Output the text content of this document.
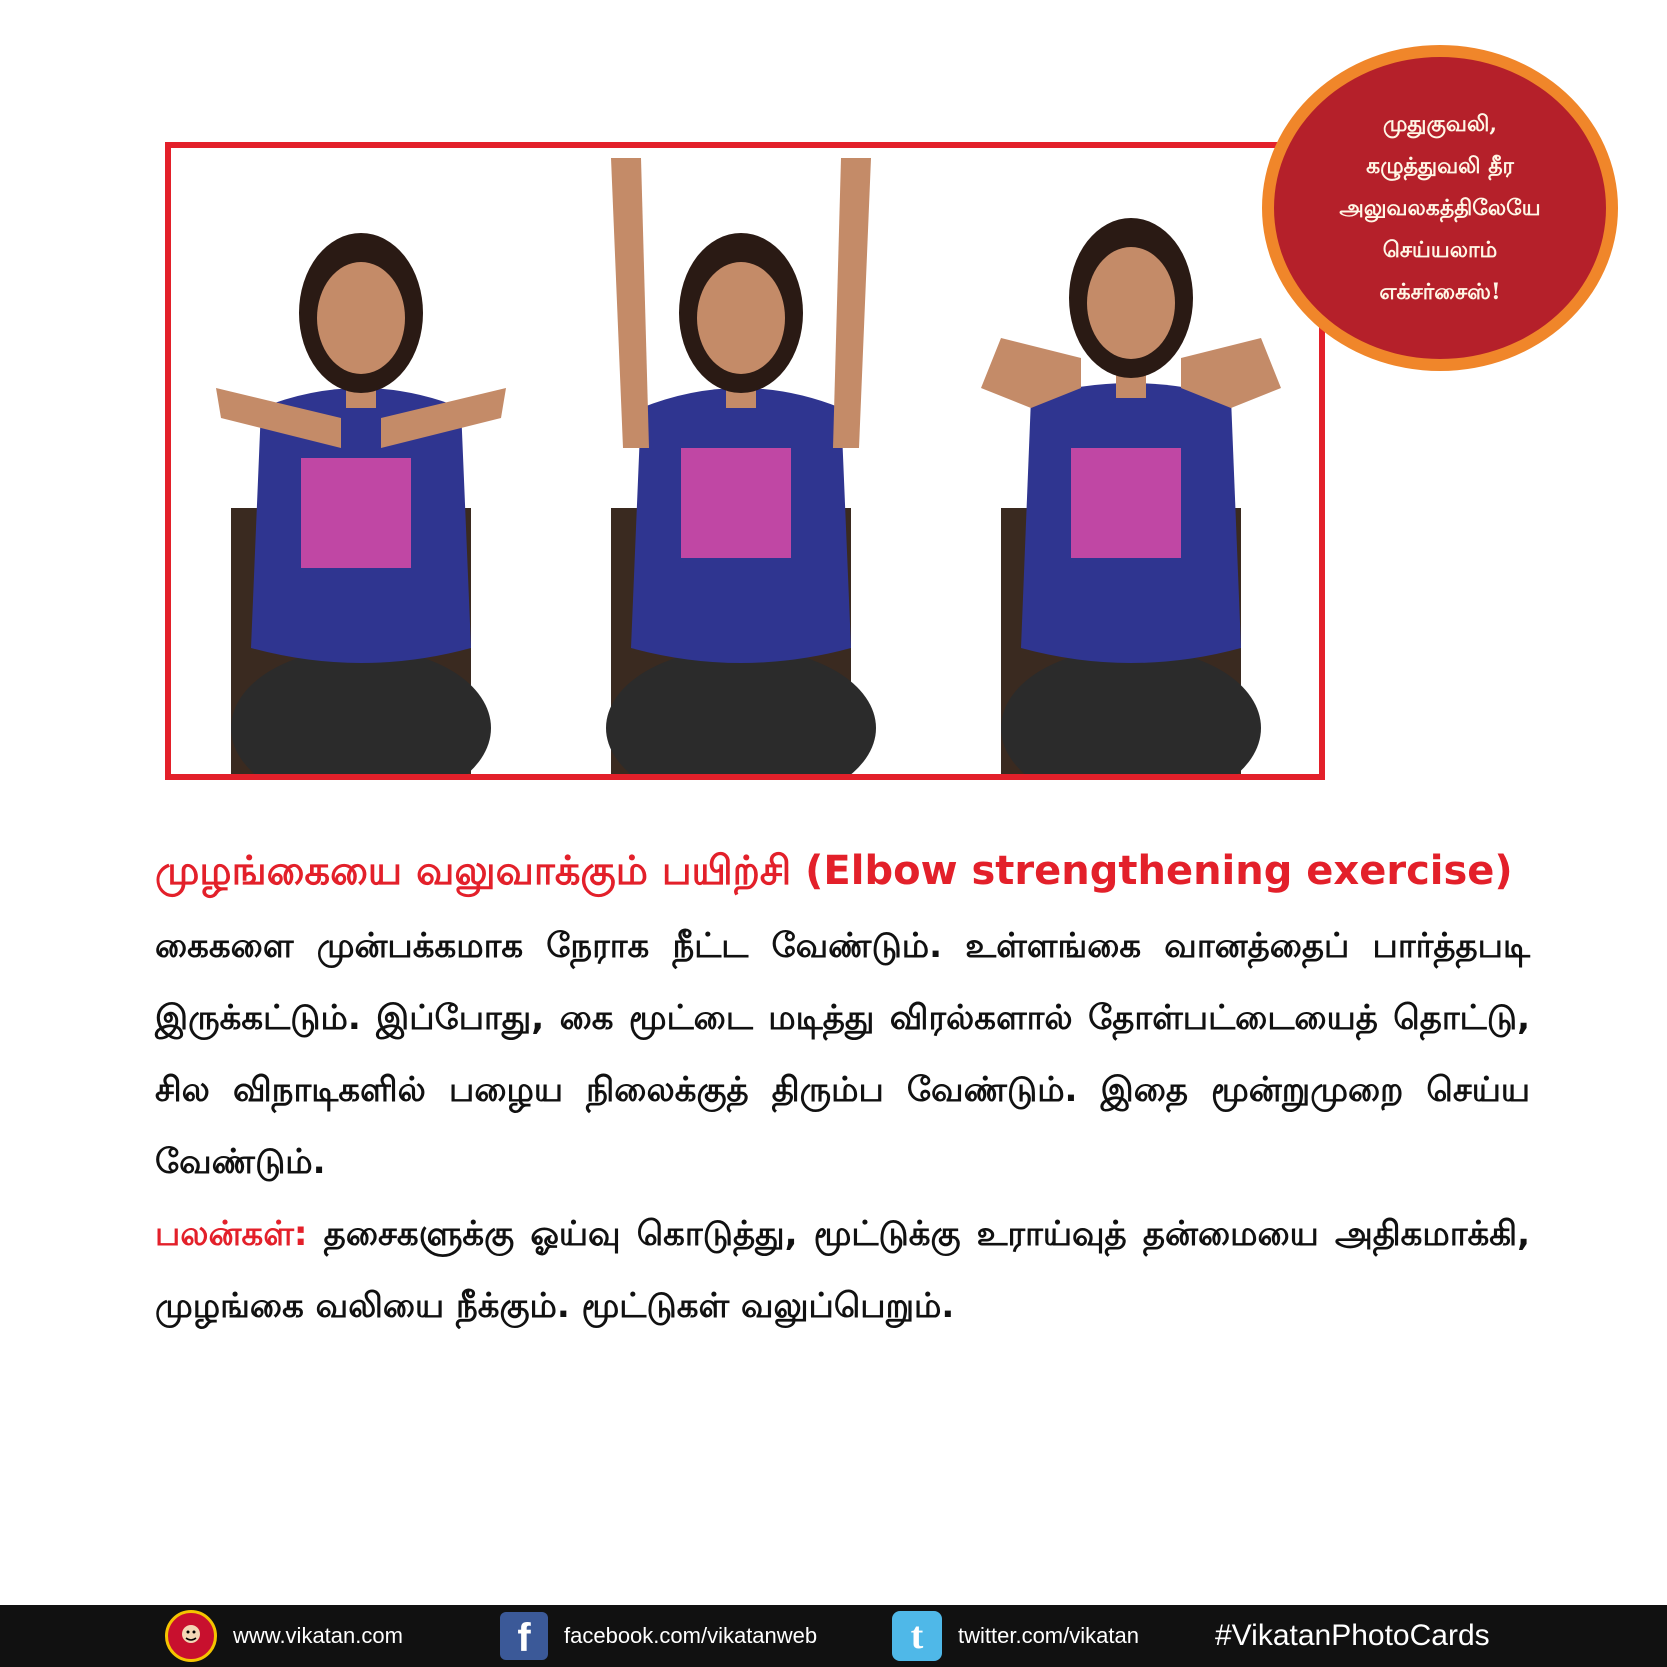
முதுகுவலி,
கழுத்துவலி தீர
அலுவலகத்திலேயே
செய்யலாம்
எக்சர்சைஸ்!

முழங்கையை வலுவாக்கும் பயிற்சி (Elbow strengthening exercise)

கைகளை முன்பக்கமாக நேராக நீட்ட வேண்டும். உள்ளங்கை வானத்தைப் பார்த்தபடி இருக்கட்டும். இப்போது, கை மூட்டை மடித்து விரல்களால் தோள்பட்டையைத் தொட்டு, சில விநாடிகளில் பழைய நிலைக்குத் திரும்ப வேண்டும். இதை மூன்றுமுறை செய்ய வேண்டும்.

பலன்கள்: தசைகளுக்கு ஓய்வு கொடுத்து, மூட்டுக்கு உராய்வுத் தன்மையை அதிகமாக்கி, முழங்கை வலியை நீக்கும். மூட்டுகள் வலுப்பெறும்.

www.vikatan.com	f	facebook.com/vikatanweb	t	twitter.com/vikatan	#VikatanPhotoCards
